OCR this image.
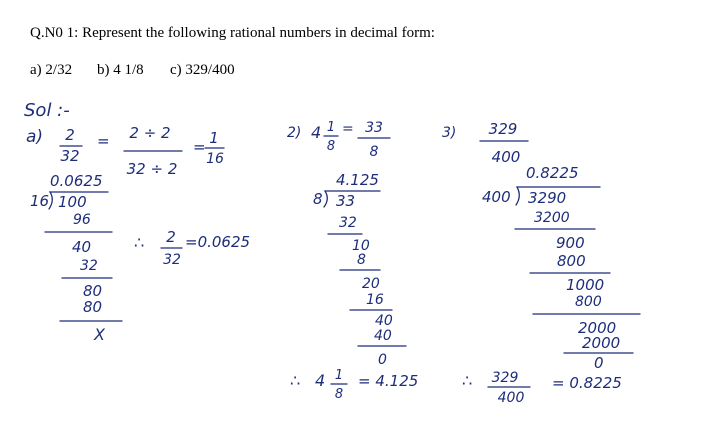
Q.N0 1: Represent the following rational numbers in decimal form:
a) 2/32 b) 4 1/8 c) 329/400
Sol :-
a) 2
32
= 2 ÷ 2
32 ÷ 2
= 1
16
0.0625
16 100
96
40
32
80
80
X
∴ 2
32
=0.0625
2) 4 1
8
= 33
8
4.125
8 33
32
10
8
20
16
40
40
0
∴ 4 1
8
= 4.125
3) 329
400
0.8225
400 3290
3200
900
800
1000
800
2000
2000
0
∴ 329
400
= 0.8225
